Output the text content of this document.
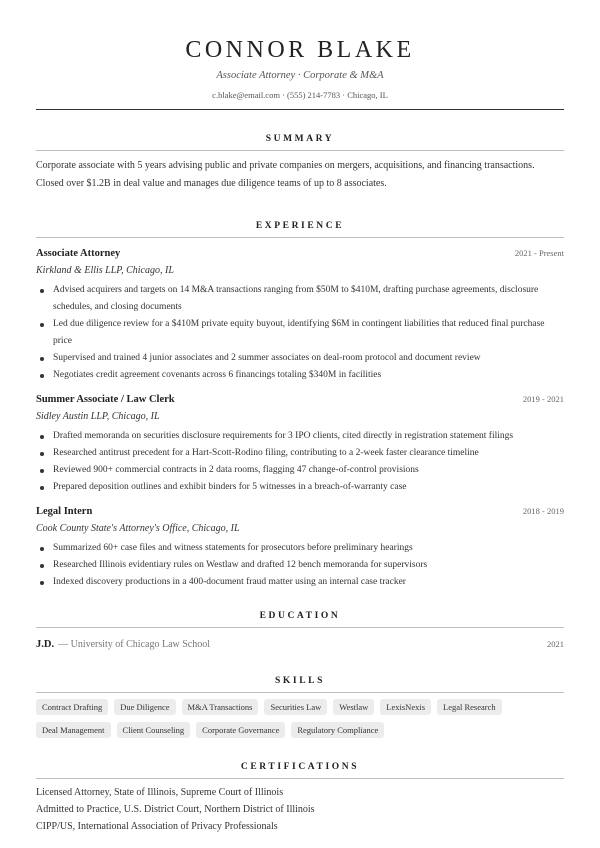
CONNOR BLAKE
Associate Attorney · Corporate & M&A
c.blake@email.com · (555) 214-7783 · Chicago, IL
SUMMARY
Corporate associate with 5 years advising public and private companies on mergers, acquisitions, and financing transactions. Closed over $1.2B in deal value and manages due diligence teams of up to 8 associates.
EXPERIENCE
Associate Attorney	2021 - Present
Kirkland & Ellis LLP, Chicago, IL
Advised acquirers and targets on 14 M&A transactions ranging from $50M to $410M, drafting purchase agreements, disclosure schedules, and closing documents
Led due diligence review for a $410M private equity buyout, identifying $6M in contingent liabilities that reduced final purchase price
Supervised and trained 4 junior associates and 2 summer associates on deal-room protocol and document review
Negotiates credit agreement covenants across 6 financings totaling $340M in facilities
Summer Associate / Law Clerk	2019 - 2021
Sidley Austin LLP, Chicago, IL
Drafted memoranda on securities disclosure requirements for 3 IPO clients, cited directly in registration statement filings
Researched antitrust precedent for a Hart-Scott-Rodino filing, contributing to a 2-week faster clearance timeline
Reviewed 900+ commercial contracts in 2 data rooms, flagging 47 change-of-control provisions
Prepared deposition outlines and exhibit binders for 5 witnesses in a breach-of-warranty case
Legal Intern	2018 - 2019
Cook County State's Attorney's Office, Chicago, IL
Summarized 60+ case files and witness statements for prosecutors before preliminary hearings
Researched Illinois evidentiary rules on Westlaw and drafted 12 bench memoranda for supervisors
Indexed discovery productions in a 400-document fraud matter using an internal case tracker
EDUCATION
J.D. — University of Chicago Law School	2021
SKILLS
Contract Drafting	Due Diligence	M&A Transactions	Securities Law	Westlaw	LexisNexis	Legal Research
Deal Management	Client Counseling	Corporate Governance	Regulatory Compliance
CERTIFICATIONS
Licensed Attorney, State of Illinois, Supreme Court of Illinois
Admitted to Practice, U.S. District Court, Northern District of Illinois
CIPP/US, International Association of Privacy Professionals
